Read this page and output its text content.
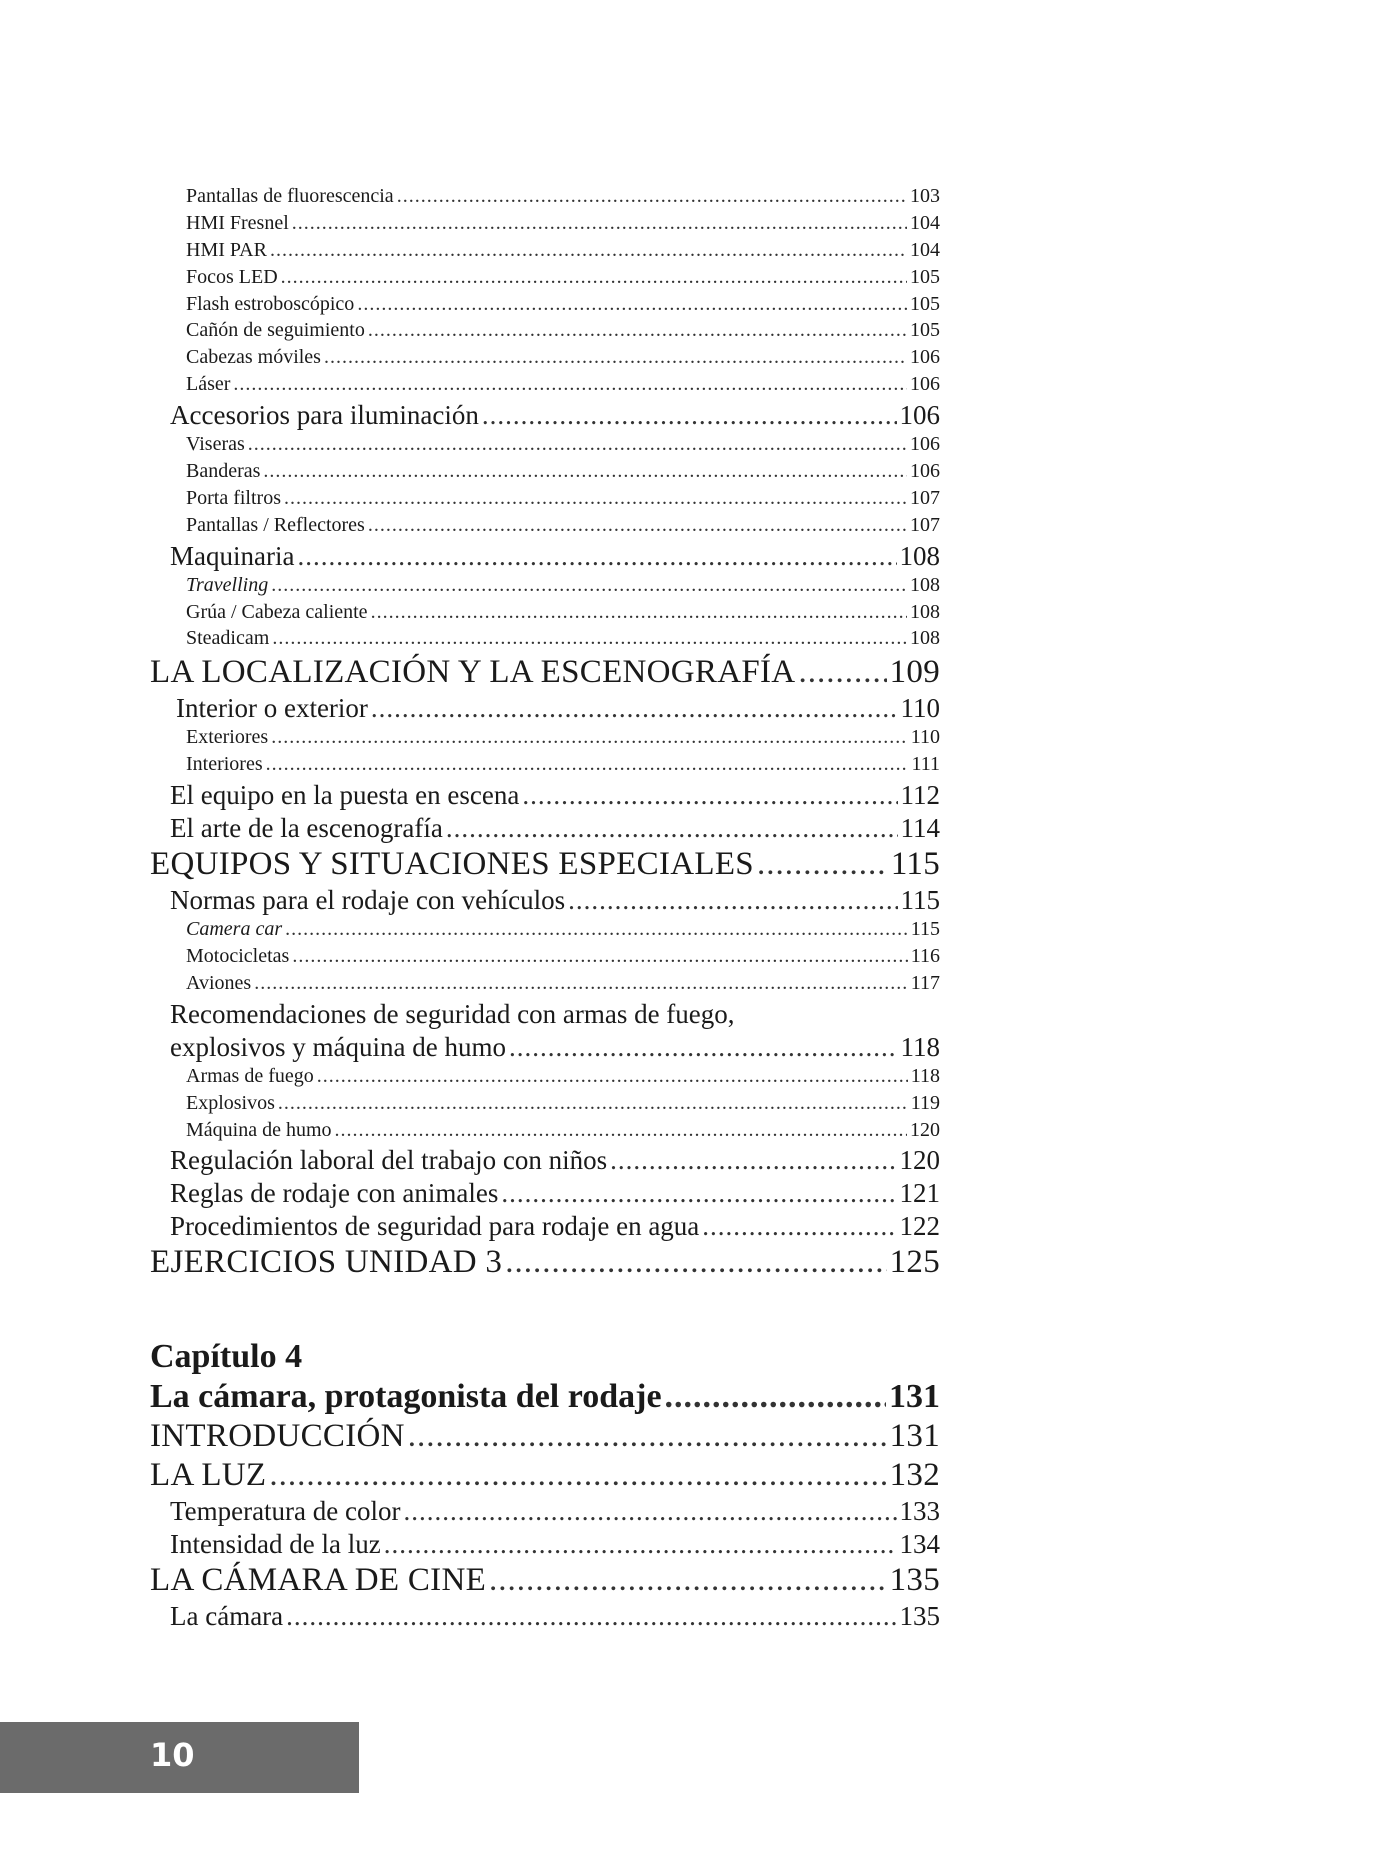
Pantallas de fluorescencia .....	103
HMI Fresnel .....	104
HMI PAR .....	104
Focos LED .....	105
Flash estroboscópico .....	105
Cañón de seguimiento .....	105
Cabezas móviles .....	106
Láser .....	106
Accesorios para iluminación .....	106
Viseras .....	106
Banderas .....	106
Porta filtros .....	107
Pantallas / Reflectores .....	107
Maquinaria .....	108
Travelling .....	108
Grúa / Cabeza caliente .....	108
Steadicam .....	108
LA LOCALIZACIÓN Y LA ESCENOGRAFÍA .....	109
Interior o exterior .....	110
Exteriores .....	110
Interiores .....	111
El equipo en la puesta en escena .....	112
El arte de la escenografía .....	114
EQUIPOS Y SITUACIONES ESPECIALES .....	115
Normas para el rodaje con vehículos .....	115
Camera car .....	115
Motocicletas .....	116
Aviones .....	117
Recomendaciones de seguridad con armas de fuego,
explosivos y máquina de humo .....	118
Armas de fuego .....	118
Explosivos .....	119
Máquina de humo .....	120
Regulación laboral del trabajo con niños .....	120
Reglas de rodaje con animales .....	121
Procedimientos de seguridad para rodaje en agua .....	122
EJERCICIOS UNIDAD 3 .....	125
Capítulo 4
La cámara, protagonista del rodaje .....	131
INTRODUCCIÓN .....	131
LA LUZ .....	132
Temperatura de color .....	133
Intensidad de la luz .....	134
LA CÁMARA DE CINE .....	135
La cámara .....	135
10
